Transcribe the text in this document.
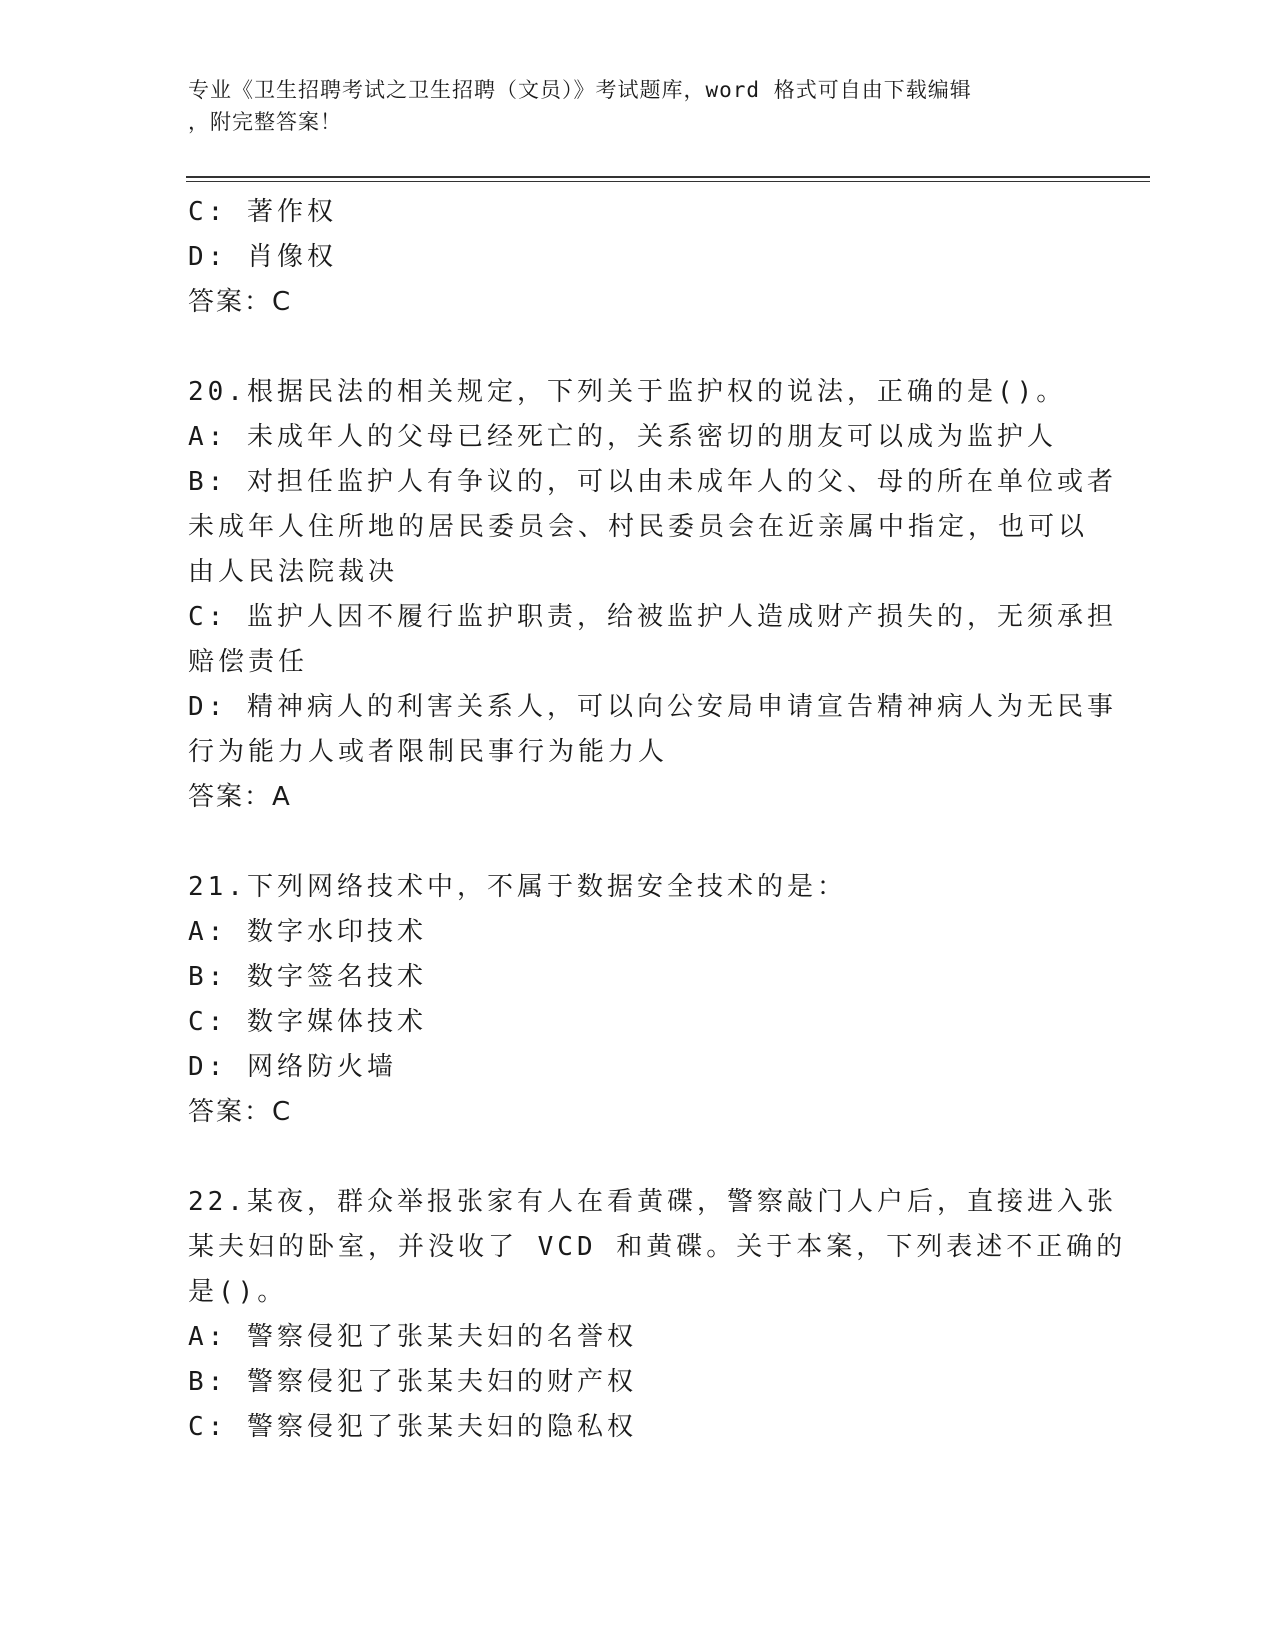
专业《卫生招聘考试之卫生招聘（文员）》考试题库，word 格式可自由下载编辑

，附完整答案！

C: 著作权

D: 肖像权

答案：C

20.根据民法的相关规定，下列关于监护权的说法，正确的是()。

A: 未成年人的父母已经死亡的，关系密切的朋友可以成为监护人

B: 对担任监护人有争议的，可以由未成年人的父、母的所在单位或者

未成年人住所地的居民委员会、村民委员会在近亲属中指定，也可以

由人民法院裁决

C: 监护人因不履行监护职责，给被监护人造成财产损失的，无须承担

赔偿责任

D: 精神病人的利害关系人，可以向公安局申请宣告精神病人为无民事

行为能力人或者限制民事行为能力人

答案：A

21.下列网络技术中，不属于数据安全技术的是：

A: 数字水印技术

B: 数字签名技术

C: 数字媒体技术

D: 网络防火墙

答案：C

22.某夜，群众举报张家有人在看黄碟，警察敲门人户后，直接进入张

某夫妇的卧室，并没收了 VCD 和黄碟。关于本案，下列表述不正确的

是()。

A: 警察侵犯了张某夫妇的名誉权

B: 警察侵犯了张某夫妇的财产权

C: 警察侵犯了张某夫妇的隐私权
